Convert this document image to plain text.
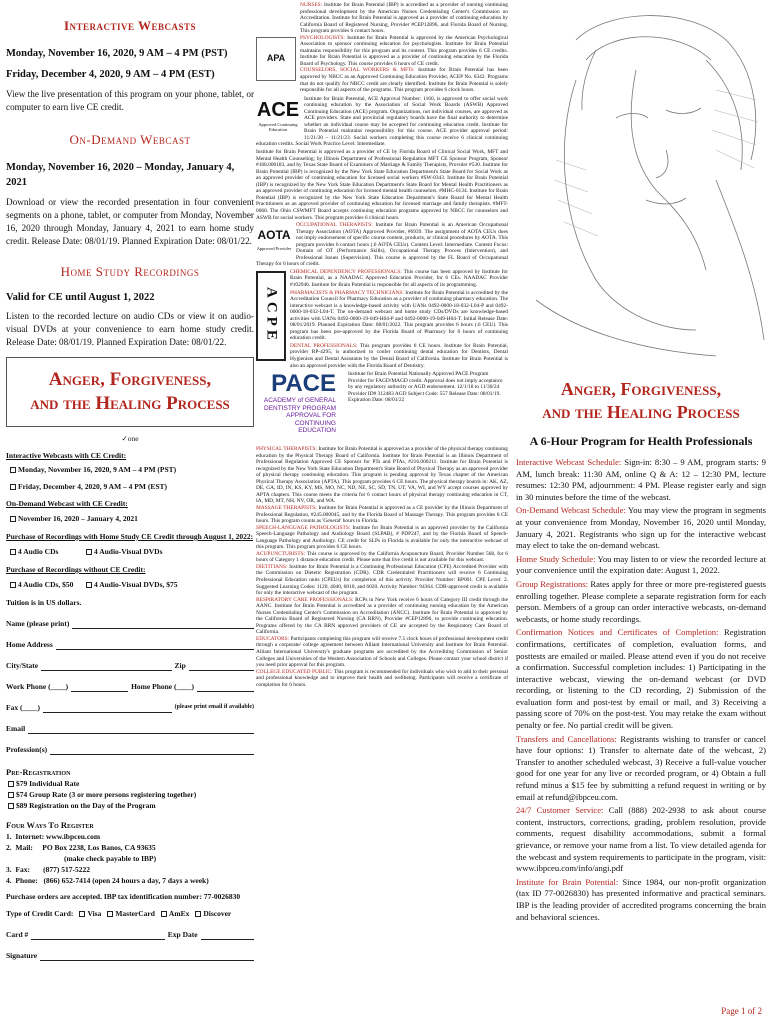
Interactive Webcasts
Monday, November 16, 2020, 9 AM – 4 PM (PST)
Friday, December 4, 2020, 9 AM – 4 PM (EST)
View the live presentation of this program on your phone, tablet, or computer to earn live CE credit.
On-Demand Webcast
Monday, November 16, 2020 – Monday, January 4, 2021
Download or view the recorded presentation in four convenient segments on a phone, tablet, or computer from Monday, November 16, 2020 through Monday, January 4, 2021 to earn home study credit. Release Date: 08/01/19. Planned Expiration Date: 08/01/22.
Home Study Recordings
Valid for CE until August 1, 2022
Listen to the recorded lecture on audio CDs or view it on audio-visual DVDs at your convenience to earn home study credit. Release Date: 08/01/19. Planned Expiration Date: 08/01/22.
Anger, Forgiveness,
and the Healing Process
✓one
Interactive Webcasts with CE Credit:
Monday, November 16, 2020, 9 AM – 4 PM (PST)
Friday, December 4, 2020, 9 AM – 4 PM (EST)
On-Demand Webcast with CE Credit:
November 16, 2020 – January 4, 2021
Purchase of Recordings with Home Study CE Credit through August 1, 2022:
4 Audio CDs	4 Audio-Visual DVDs
Purchase of Recordings without CE Credit:
4 Audio CDs, $50	4 Audio-Visual DVDs, $75
Tuition is in US dollars.
Name (please print)
Home Address
City/State	Zip
Work Phone (____)	Home Phone (____)
Fax (____)	(please print email if available)
Email
Profession(s)
Pre-Registration
$79 Individual Rate
$74 Group Rate (3 or more persons registering together)
$89 Registration on the Day of the Program
Four Ways To Register
1.  Internet: www.ibpceu.com
2.  Mail:     PO Box 2238, Los Banos, CA 93635
(make check payable to IBP)
3.  Fax:       (877) 517-5222
4.  Phone:   (866) 652-7414 (open 24 hours a day, 7 days a week)
Purchase orders are accepted. IBP tax identification number: 77-0026830
Type of Credit Card:	Visa	MasterCard	AmEx	Discover
Card #	Exp Date
Signature
NURSES: Institute for Brain Potential (IBP) is accredited as a provider of nursing continuing professional development by the American Nurses Credentialing Center's Commission on Accreditation. Institute for Brain Potential is approved as a provider of continuing education by California Board of Registered Nursing, Provider #CEP12896, and Florida Board of Nursing. This program provides 6 contact hours.
APA
PSYCHOLOGISTS: Institute for Brain Potential is approved by the American Psychological Association to sponsor continuing education for psychologists. Institute for Brain Potential maintains responsibility for this program and its content. This program provides 6 CE credits. Institute for Brain Potential is approved as a provider of continuing education by the Florida Board of Psychology. This course provides 6 hours of CE credit.
COUNSELORS, SOCIAL WORKERS & MFTs: Institute for Brain Potential has been approved by NBCC as an Approved Continuing Education Provider, ACEP No. 6342. Programs that do not qualify for NBCC credit are clearly identified. Institute for Brain Potential is solely responsible for all aspects of the programs. This program provides 6 clock hours.
ACE
Approved Continuing Education
Institute for Brain Potential, ACE Approval Number: 1160, is approved to offer social work continuing education by the Association of Social Work Boards (ASWB) Approved Continuing Education (ACE) program. Organizations, not individual courses, are approved as ACE providers. State and provincial regulatory boards have the final authority to determine whether an individual course may be accepted for continuing education credit. Institute for Brain Potential maintains responsibility for this course. ACE provider approval period: 11/21/20 – 11/21/23. Social workers completing this course receive 6 clinical continuing education credits. Social Work Practice Level: Intermediate.
Institute for Brain Potential is approved as a provider of CE by Florida Board of Clinical Social Work, MFT and Mental Health Counseling; by Illinois Department of Professional Regulation MFT CE Sponsor Program, Sponsor #168.000183, and by Texas State Board of Examiners of Marriage & Family Therapists, Provider #530. Institute for Brain Potential (IBP) is recognized by the New York State Education Department's State Board for Social Work as an approved provider of continuing education for licensed social workers #SW-0343. Institute for Brain Potential (IBP) is recognized by the New York State Education Department's State Board for Mental Health Practitioners as an approved provider of continuing education for licensed mental health counselors. #MHC-0134. Institute for Brain Potential (IBP) is recognized by the New York State Education Department's State Board for Mental Health Practitioners as an approved provider of continuing education for licensed marriage and family therapists. #MFT-0068. The Ohio CSWMFT Board accepts continuing education programs approved by NBCC for counselors and ASWB for social workers. This program provides 6 clinical hours.
AOTA
Approved Provider
OCCUPATIONAL THERAPISTS: Institute for Brain Potential is an American Occupational Therapy Association (AOTA) Approved Provider, #6939. The assignment of AOTA CEUs does not imply endorsement of specific course content, products, or clinical procedures by AOTA. This program provides 6 contact hours (.6 AOTA CEUs). Content Level: Intermediate. Content Focus: Domain of OT (Performance Skills), Occupational Therapy Process (Intervention), and Professional Issues (Supervision). This course is approved by the FL Board of Occupational Therapy for 6 hours of credit.
ACPE
CHEMICAL DEPENDENCY PROFESSIONALS: This course has been approved by Institute for Brain Potential, as a NAADAC Approved Education Provider, for 6 CEs. NAADAC Provider #102946. Institute for Brain Potential is responsible for all aspects of its programming.
PHARMACISTS & PHARMACY TECHNICIANS: Institute for Brain Potential is accredited by the Accreditation Council for Pharmacy Education as a provider of continuing pharmacy education. The interactive webcast is a knowledge-based activity with UANs 0492-0000-18-032-L04-P and 0492-0000-18-032-L04-T. The on-demand webcast and home study CDs/DVDs are knowledge-based activities with UANs 0492-0000-19-049-H04-P and 0492-0000-19-049-H04-T. Initial Release Date: 08/01/2019. Planned Expiration Date: 08/01/2022. This program provides 6 hours (.6 CEU). This program has been pre-approved by the Florida Board of Pharmacy for 6 hours of continuing education credit.
DENTAL PROFESSIONALS: This program provides 6 CE hours. Institute for Brain Potential, provider RP-4295, is authorized to confer continuing dental education for Dentists, Dental Hygienists and Dental Assistants by the Dental Board of California. Institute for Brain Potential is also an approved provider with the Florida Board of Dentistry.
PACE
ACADEMY of GENERAL DENTISTRY PROGRAM APPROVAL FOR CONTINUING EDUCATION
Institute for Brain Potential Nationally Approved PACE Program Provider for FAGD/MAGD credit. Approval does not imply acceptance by any regulatory authority or AGD endorsement. 12/1/18 to 11/30/24 Provider ID# 312483 AGD Subject Code: 557 Release Date: 08/01/19. Expiration Date: 08/01/22
PHYSICAL THERAPISTS: Institute for Brain Potential is approved as a provider of the physical therapy continuing education by the Physical Therapy Board of California. Institute for Brain Potential is an Illinois Department of Professional Regulation Approved CE Sponsor for PTs and PTAs, #216.000211. Institute for Brain Potential is recognized by the New York State Education Department's State Board of Physical Therapy as an approved provider of physical therapy continuing education. This program is pending approval by Texas chapter of the American Physical Therapy Association (APTA). This program provides 6 CE hours. The physical therapy boards in: AK, AZ, DE, GA, ID, IN, KS, KY, MS, MO, NC, ND, NE, SC, SD, TN, UT, VA, WI, and WY accept courses approved by APTA chapters. This course meets the criteria for 6 contact hours of physical therapy continuing education in CT, IA, MD, MT, NH, NV, OR, and WA.
MASSAGE THERAPISTS: Institute for Brain Potential is approved as a CE provider by the Illinois Department of Professional Regulation, #245.000045, and by the Florida Board of Massage Therapy. This program provides 6 CE hours. This program counts as 'General' hours in Florida.
SPEECH-LANGUAGE PATHOLOGISTS: Institute for Brain Potential is an approved provider by the California Speech-Language Pathology and Audiology Board (SLPAB), # PDP247, and by the Florida Board of Speech-Language Pathology and Audiology. CE credit for SLPs in Florida is available for only the interactive webcast of this program. This program provides 6 CE hours.
ACUPUNCTURISTS: This course is approved by the California Acupuncture Board, Provider Number 568, for 6 hours of Category 1 distance education credit. Please note that live credit is not available for this webcast.
DIETITIANS: Institute for Brain Potential is a Continuing Professional Education (CPE) Accredited Provider with the Commission on Dietetic Registration (CDR). CDR Credentialed Practitioners will receive 6 Continuing Professional Education units (CPEUs) for completion of this activity. Provider Number: BP001. CPE Level: 2. Suggested Learning Codes: 1120, 4040, 6010, and 6020. Activity Number: 94364. CDR-approved credit is available for only the interactive webcast of the program.
RESPIRATORY CARE PROFESSIONALS: RCPs in New York receive 6 hours of Category III credit through the AANC. Institute for Brain Potential is accredited as a provider of continuing nursing education by the American Nurses Credentialing Center's Commission on Accreditation (ANCC). Institute for Brain Potential is approved by the California Board of Registered Nursing (CA BRN), Provider #CEP12896, to provide continuing education. Programs offered by the CA BRN approved providers of CE are accepted by the Respiratory Care Board of California.
EDUCATORS: Participants completing this program will receive 7.5 clock hours of professional development credit through a corporate/ college agreement between Alliant International University and Institute for Brain Potential. Alliant International University's graduate programs are accredited by the Accrediting Commission of Senior Colleges and Universities of the Western Association of Schools and Colleges. Please contact your school district if you need prior approval for this program.
COLLEGE EDUCATED PUBLIC: This program is recommended for individuals who wish to add to their personal and professional knowledge and to improve their health and wellbeing. Participants will receive a certificate of completion for 6 hours.
Anger, Forgiveness,
and the Healing Process
A 6-Hour Program for Health Professionals
Interactive Webcast Schedule: Sign-in: 8:30 – 9 AM, program starts: 9 AM, lunch break: 11:30 AM, online Q & A: 12 – 12:30 PM, lecture resumes: 12:30 PM, adjournment: 4 PM. Please register early and sign in 30 minutes before the time of the webcast.
On-Demand Webcast Schedule: You may view the program in segments at your convenience from Monday, November 16, 2020 until Monday, January 4, 2021. Registrants who sign up for the interactive webcast may elect to take the on-demand webcast.
Home Study Schedule: You may listen to or view the recorded lecture at your convenience until the expiration date: August 1, 2022.
Group Registrations: Rates apply for three or more pre-registered guests enrolling together. Please complete a separate registration form for each person. Members of a group can order interactive webcasts, on-demand webcasts, or home study recordings.
Confirmation Notices and Certificates of Completion: Registration confirmations, certificates of completion, evaluation forms, and posttests are emailed or mailed. Please attend even if you do not receive a confirmation. Successful completion includes: 1) Participating in the interactive webcast, viewing the on-demand webcast (or DVD recording, or listening to the CD recording, 2) Submission of the evaluation form and post-test by email or mail, and 3) Receiving a passing score of 70% on the post-test. You may retake the exam without penalty or fee. No partial credit will be given.
Transfers and Cancellations: Registrants wishing to transfer or cancel have four options: 1) Transfer to alternate date of the webcast, 2) Transfer to another scheduled webcast, 3) Receive a full-value voucher good for one year for any live or recorded program, or 4) Obtain a full refund minus a $15 fee by submitting a refund request in writing or by email at refund@ibpceu.com.
24/7 Customer Service: Call (888) 202-2938 to ask about course content, instructors, corrections, grading, problem resolution, provide comments, request disability accommodations, submit a formal grievance, or remove your name from a list. To view detailed agenda for the webcast and system requirements to participate in the program, visit: www.ibpceu.com/info/angi.pdf
Institute for Brain Potential: Since 1984, our non-profit organization (tax ID 77-0026830) has presented informative and practical seminars. IBP is the leading provider of accredited programs concerning the brain and behavioral sciences.
Page 1 of 2
